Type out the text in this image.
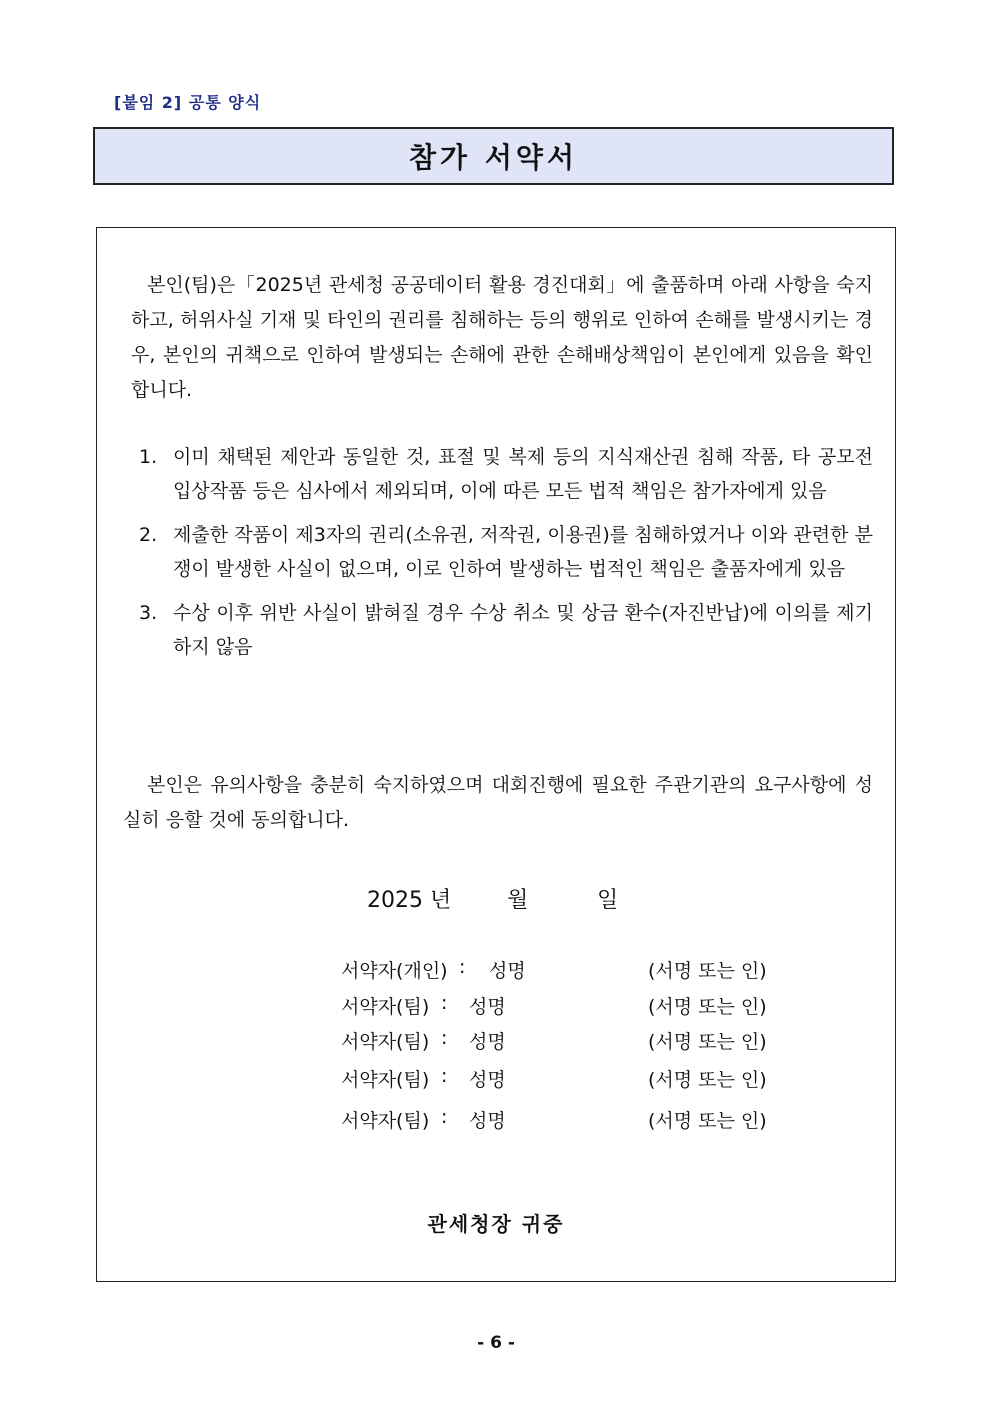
[붙임 2] 공통 양식
참가 서약서

본인(팀)은「2025년 관세청 공공데이터 활용 경진대회」에 출품하며 아래 사항을 숙지하고, 허위사실 기재 및 타인의 권리를 침해하는 등의 행위로 인하여 손해를 발생시키는 경우, 본인의 귀책으로 인하여 발생되는 손해에 관한 손해배상책임이 본인에게 있음을 확인합니다.

1. 이미 채택된 제안과 동일한 것, 표절 및 복제 등의 지식재산권 침해 작품, 타 공모전 입상작품 등은 심사에서 제외되며, 이에 따른 모든 법적 책임은 참가자에게 있음
2. 제출한 작품이 제3자의 권리(소유권, 저작권, 이용권)를 침해하였거나 이와 관련한 분쟁이 발생한 사실이 없으며, 이로 인하여 발생하는 법적인 책임은 출품자에게 있음
3. 수상 이후 위반 사실이 밝혀질 경우 수상 취소 및 상금 환수(자진반납)에 이의를 제기하지 않음

본인은 유의사항을 충분히 숙지하였으며 대회진행에 필요한 주관기관의 요구사항에 성실히 응할 것에 동의합니다.

2025 년	월	일
서약자(개인) : 성명	(서명 또는 인)
서약자(팀) : 성명	(서명 또는 인)
서약자(팀) : 성명	(서명 또는 인)
서약자(팀) : 성명	(서명 또는 인)
서약자(팀) : 성명	(서명 또는 인)
관세청장 귀중
- 6 -
